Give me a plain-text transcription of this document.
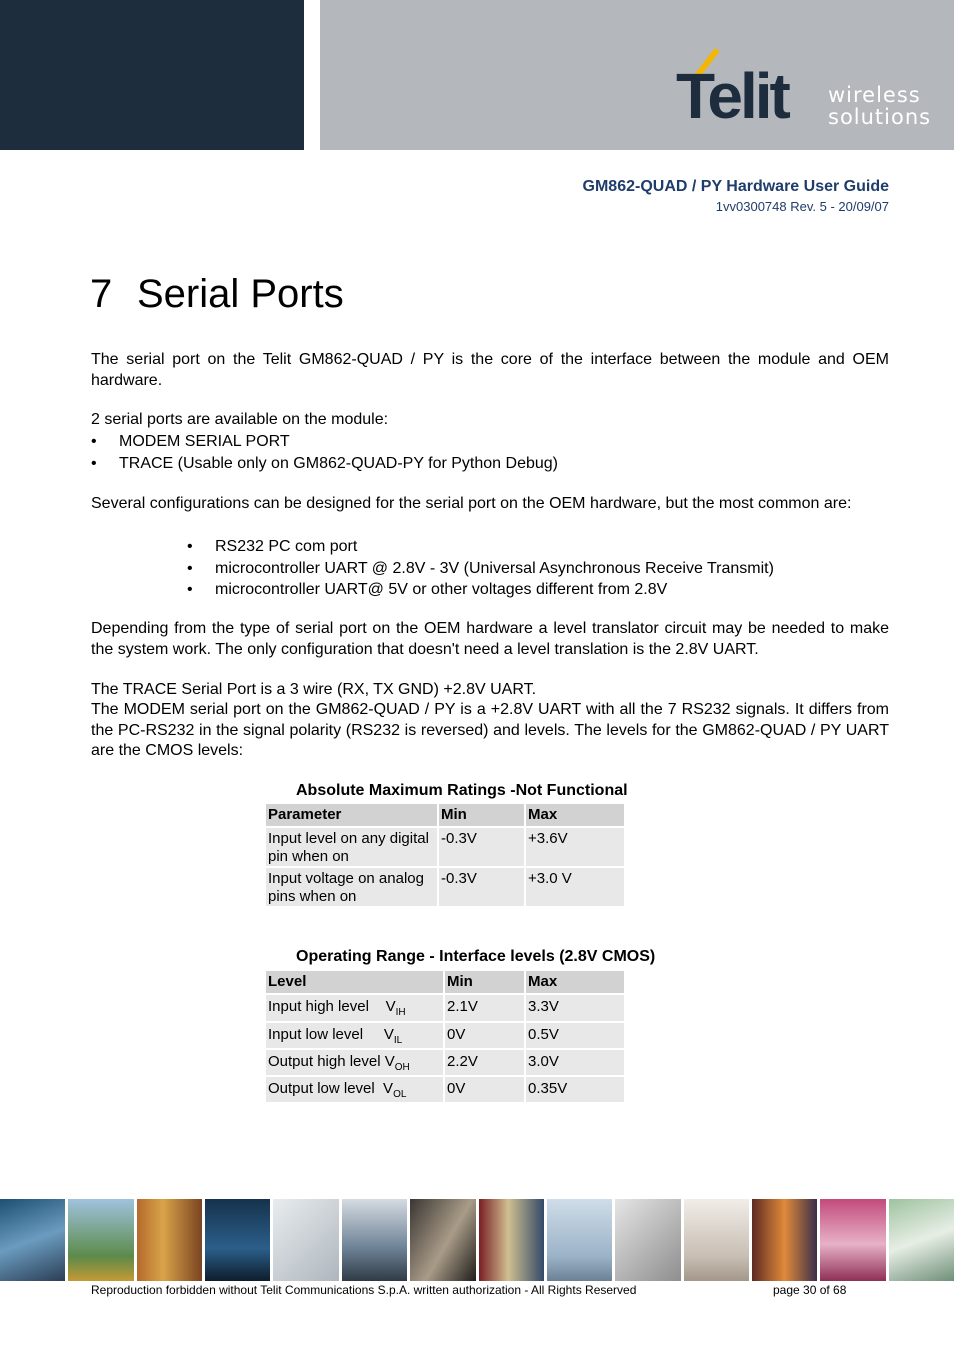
Telit wireless
solutions
GM862-QUAD / PY Hardware User Guide
1vv0300748 Rev. 5 - 20/09/07
7 Serial Ports

The serial port on the Telit GM862-QUAD / PY is the core of the interface between the module and OEM hardware.

2 serial ports are available on the module:

• MODEM SERIAL PORT
• TRACE (Usable only on GM862-QUAD-PY for Python Debug)

Several configurations can be designed for the serial port on the OEM hardware, but the most common are:

• RS232 PC com port
• microcontroller UART @ 2.8V - 3V (Universal Asynchronous Receive Transmit)
• microcontroller UART@ 5V or other voltages different from 2.8V

Depending from the type of serial port on the OEM hardware a level translator circuit may be needed to make the system work. The only configuration that doesn't need a level translation is the 2.8V UART.

The TRACE Serial Port is a 3 wire (RX, TX GND) +2.8V UART.

The MODEM serial port on the GM862-QUAD / PY is a +2.8V UART with all the 7 RS232 signals. It differs from the PC-RS232 in the signal polarity (RS232 is reversed) and levels. The levels for the GM862-QUAD / PY UART are the CMOS levels:

Absolute Maximum Ratings -Not Functional
Parameter	Min	Max
Input level on any digital pin when on	-0.3V	+3.6V
Input voltage on analog pins when on	-0.3V	+3.0 V
Operating Range - Interface levels (2.8V CMOS)
Level	Min	Max
Input high level    $V_{IH}$	2.1V	3.3V
Input low level     $V_{IL}$	0V	0.5V
Output high level $V_{OH}$	2.2V	3.0V
Output low level  $V_{OL}$	0V	0.35V
Reproduction forbidden without Telit Communications S.p.A. written authorization - All Rights Reserved	page 30 of 68
